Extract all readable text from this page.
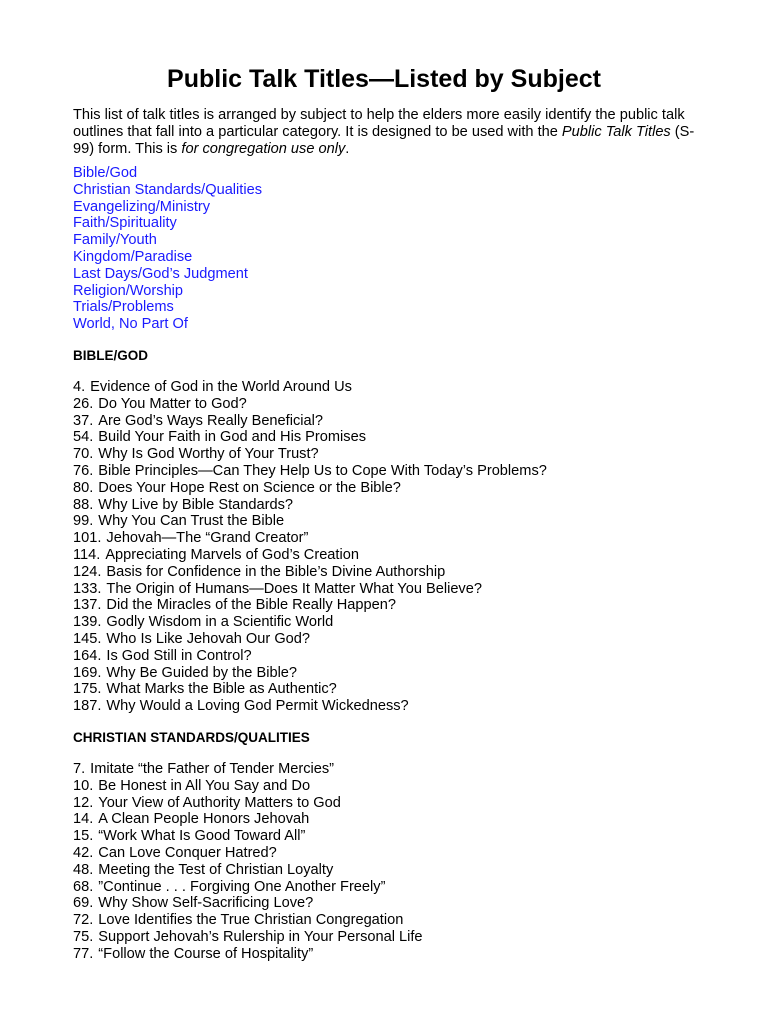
Public Talk Titles—Listed by Subject

This list of talk titles is arranged by subject to help the elders more easily identify the public talk outlines that fall into a particular category. It is designed to be used with the Public Talk Titles (S-99) form. This is for congregation use only.

Bible/God
Christian Standards/Qualities
Evangelizing/Ministry
Faith/Spirituality
Family/Youth
Kingdom/Paradise
Last Days/God’s Judgment
Religion/Worship
Trials/Problems
World, No Part Of
BIBLE/GOD
4. Evidence of God in the World Around Us
26. Do You Matter to God?
37. Are God’s Ways Really Beneficial?
54. Build Your Faith in God and His Promises
70. Why Is God Worthy of Your Trust?
76. Bible Principles—Can They Help Us to Cope With Today’s Problems?
80. Does Your Hope Rest on Science or the Bible?
88. Why Live by Bible Standards?
99. Why You Can Trust the Bible
101. Jehovah—The “Grand Creator”
114. Appreciating Marvels of God’s Creation
124. Basis for Confidence in the Bible’s Divine Authorship
133. The Origin of Humans—Does It Matter What You Believe?
137. Did the Miracles of the Bible Really Happen?
139. Godly Wisdom in a Scientific World
145. Who Is Like Jehovah Our God?
164. Is God Still in Control?
169. Why Be Guided by the Bible?
175. What Marks the Bible as Authentic?
187. Why Would a Loving God Permit Wickedness?
CHRISTIAN STANDARDS/QUALITIES
7. Imitate “the Father of Tender Mercies”
10. Be Honest in All You Say and Do
12. Your View of Authority Matters to God
14. A Clean People Honors Jehovah
15. “Work What Is Good Toward All”
42. Can Love Conquer Hatred?
48. Meeting the Test of Christian Loyalty
68. ”Continue . . . Forgiving One Another Freely”
69. Why Show Self-Sacrificing Love?
72. Love Identifies the True Christian Congregation
75. Support Jehovah’s Rulership in Your Personal Life
77. “Follow the Course of Hospitality”
